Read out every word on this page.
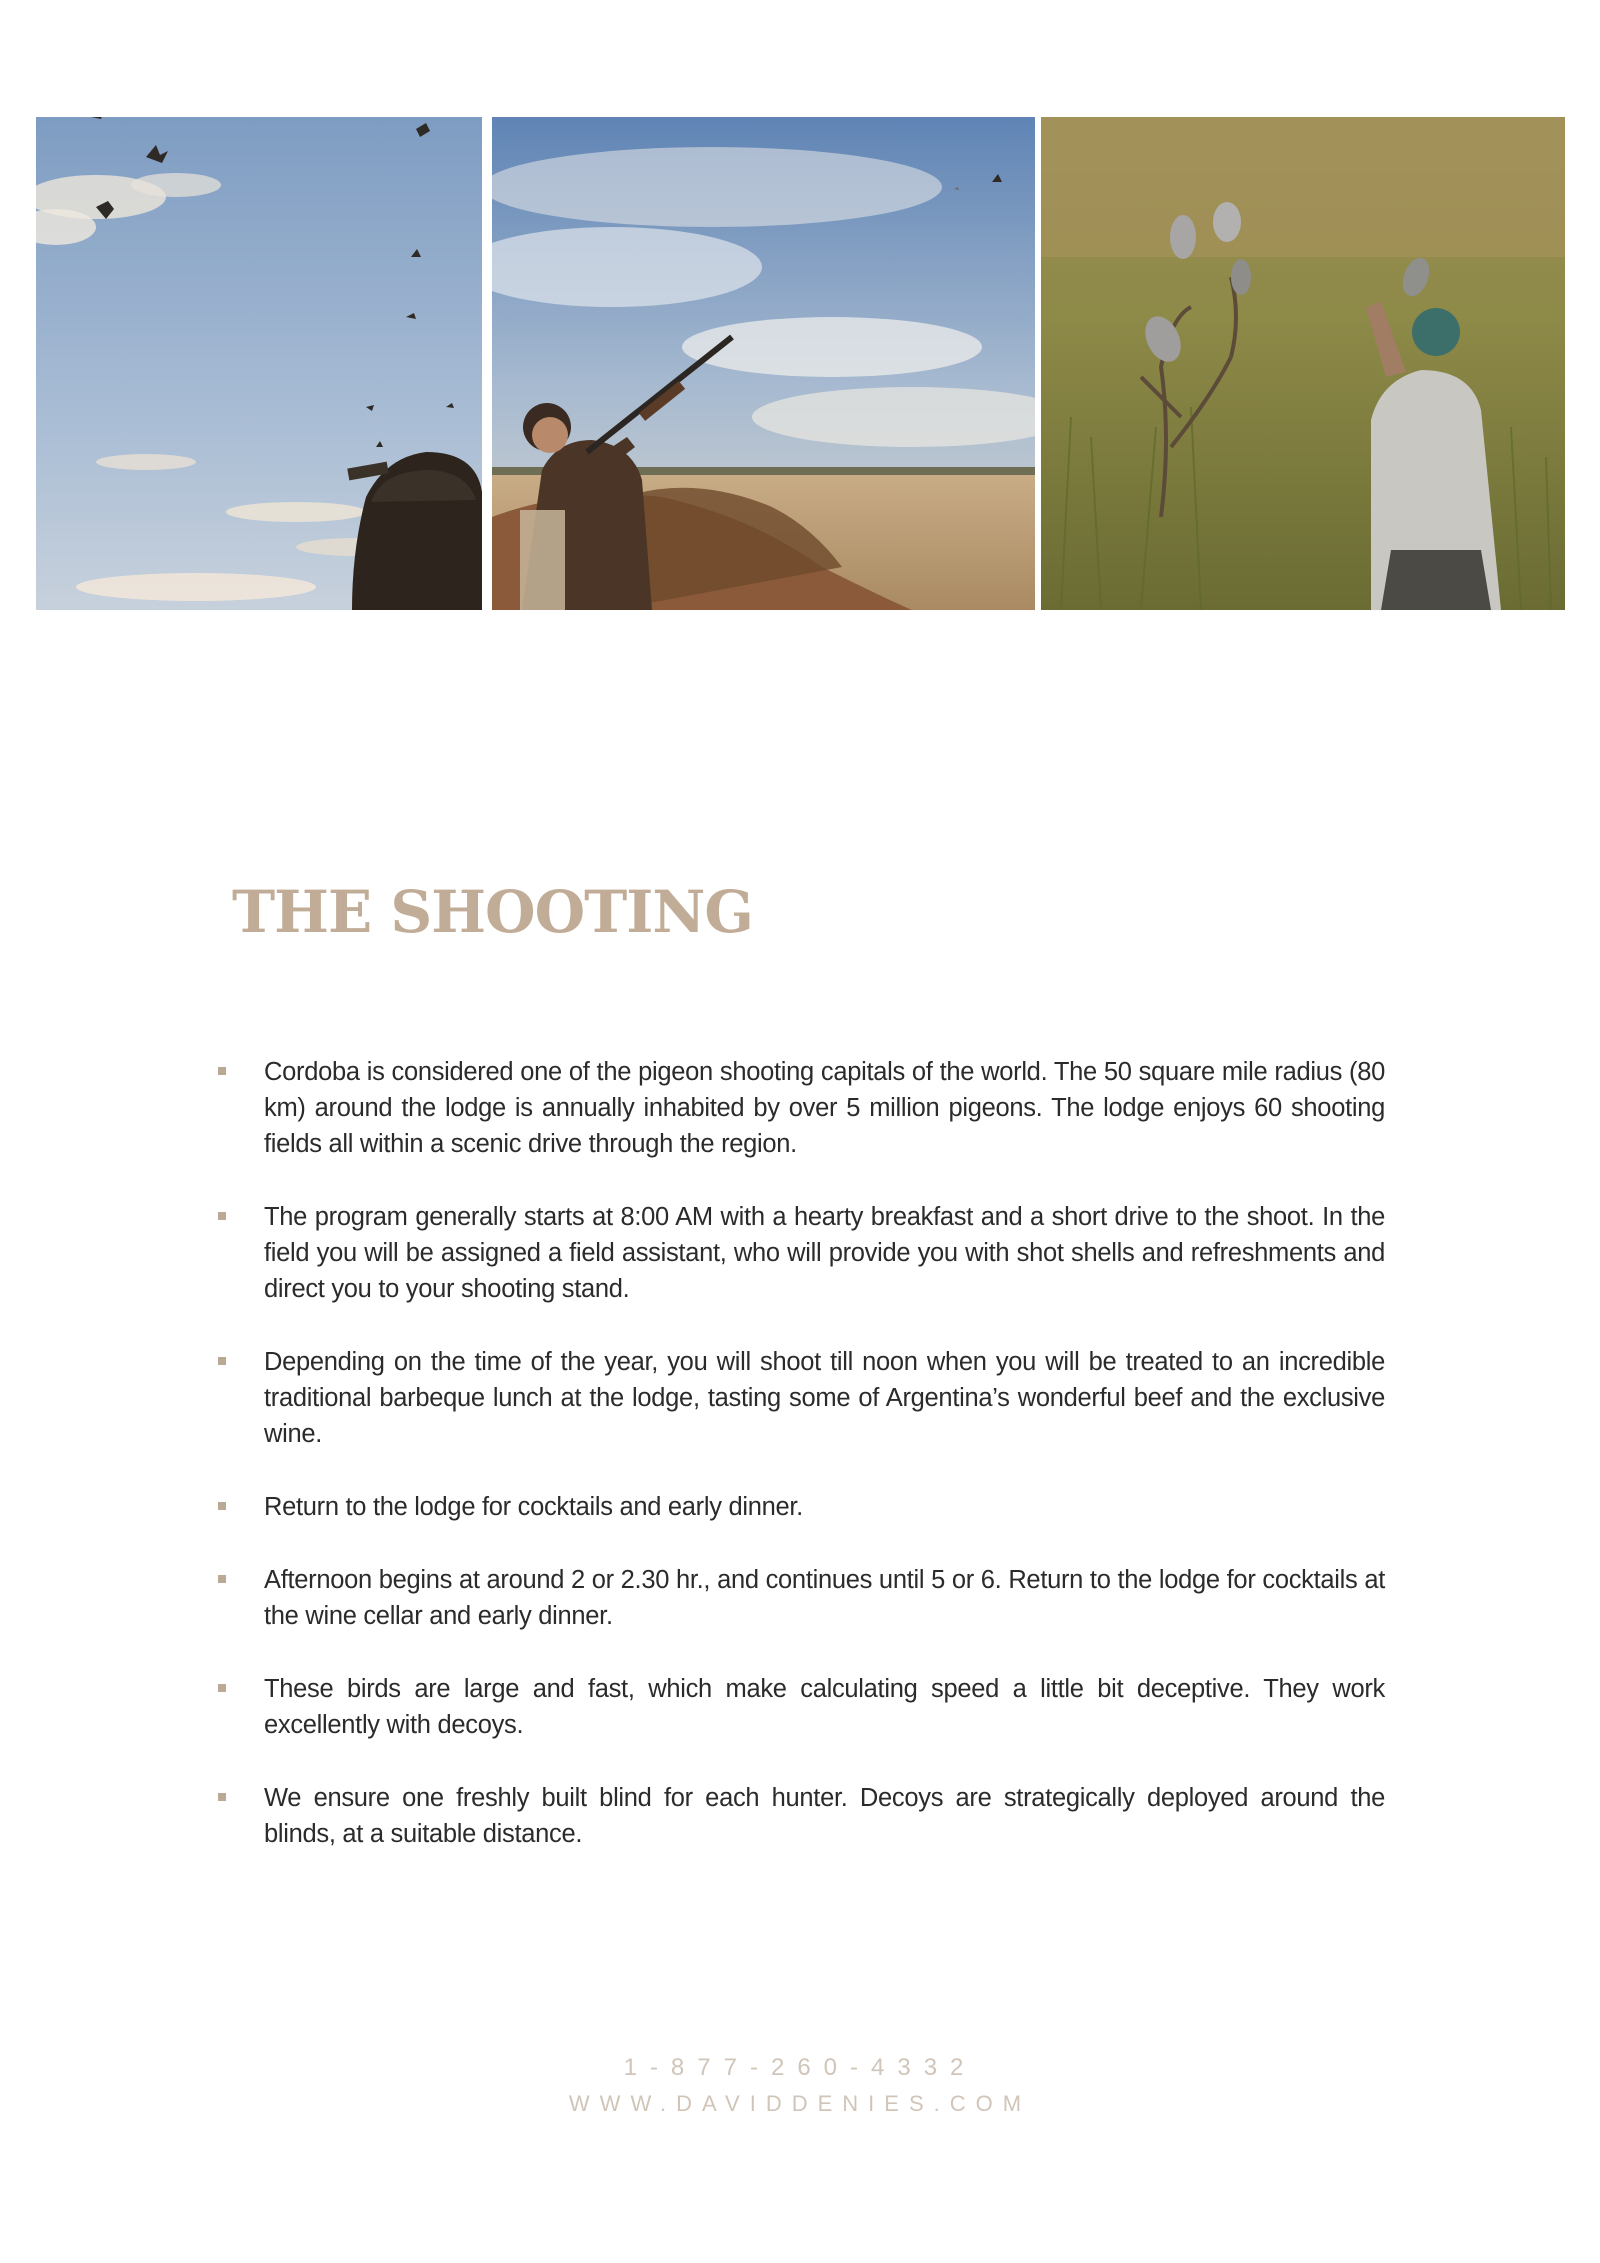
THE SHOOTING
Cordoba is considered one of the pigeon shooting capitals of the world. The 50 square mile radius (80 km) around the lodge is annually inhabited by over 5 million pigeons. The lodge enjoys 60 shooting fields all within a scenic drive through the region.
The program generally starts at 8:00 AM with a hearty breakfast and a short drive to the shoot. In the field you will be assigned a field assistant, who will provide you with shot shells and refreshments and direct you to your shooting stand.
Depending on the time of the year, you will shoot till noon when you will be treated to an incredible traditional barbeque lunch at the lodge, tasting some of Argentina’s wonderful beef and the exclusive wine.
Return to the lodge for cocktails and early dinner.
Afternoon begins at around 2 or 2.30 hr., and continues until 5 or 6. Return to the lodge for cocktails at the wine cellar and early dinner.
These birds are large and fast, which make calculating speed a little bit deceptive. They work excellently with decoys.
We ensure one freshly built blind for each hunter. Decoys are strategically deployed around the blinds, at a suitable distance.
1-877-260-4332
WWW.DAVIDDENIES.COM
